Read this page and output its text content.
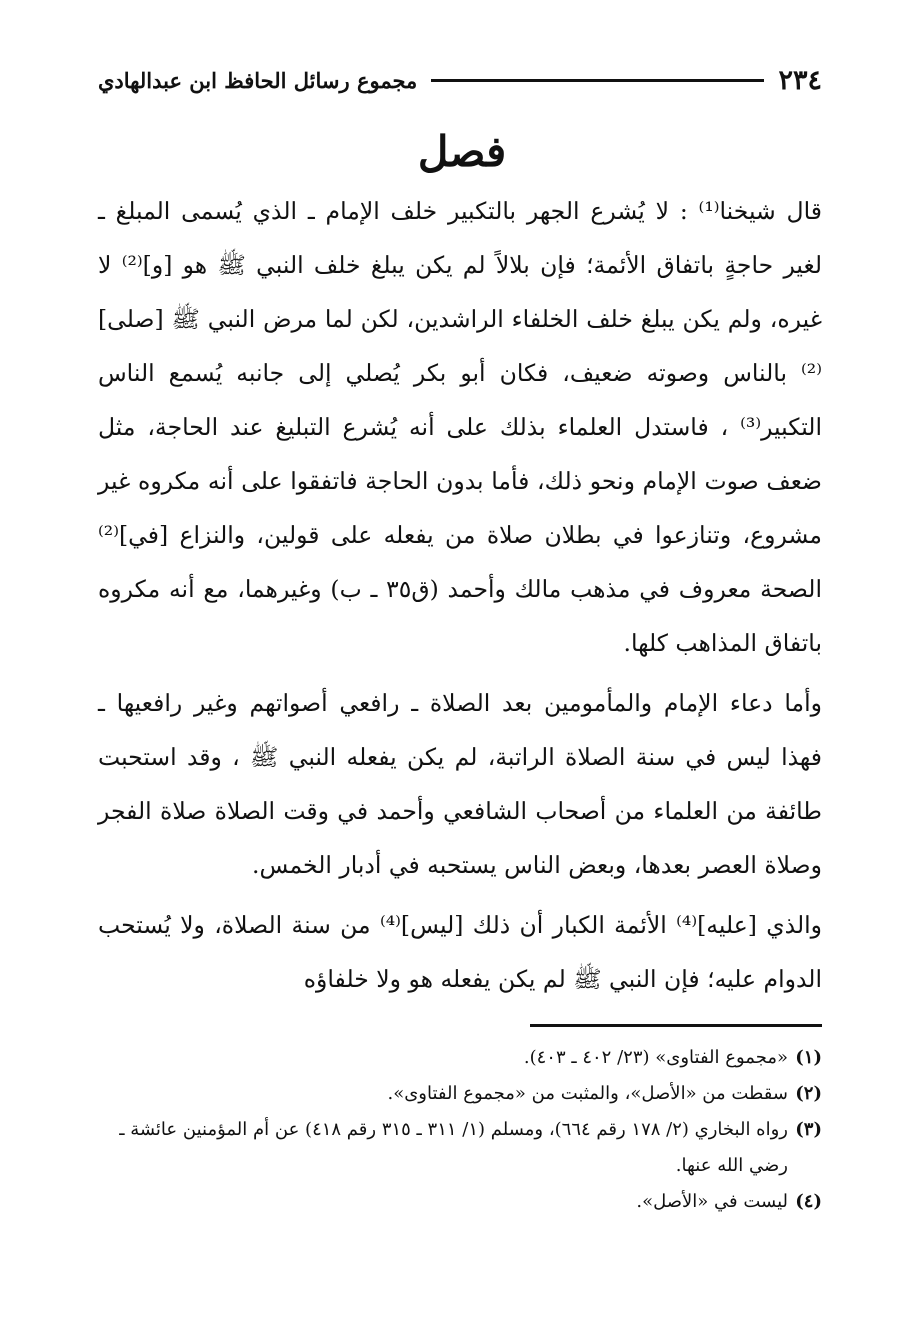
٢٣٤
مجموع رسائل الحافظ ابن عبدالهادي
فصل

قال شيخنا⁽¹⁾ : لا يُشرع الجهر بالتكبير خلف الإمام ـ الذي يُسمى المبلغ ـ لغير حاجةٍ باتفاق الأئمة؛ فإن بلالاً لم يكن يبلغ خلف النبي ﷺ هو [و]⁽²⁾ لا غيره، ولم يكن يبلغ خلف الخلفاء الراشدين، لكن لما مرض النبي ﷺ [صلى]⁽²⁾ بالناس وصوته ضعيف، فكان أبو بكر يُصلي إلى جانبه يُسمع الناس التكبير⁽³⁾ ، فاستدل العلماء بذلك على أنه يُشرع التبليغ عند الحاجة، مثل ضعف صوت الإمام ونحو ذلك، فأما بدون الحاجة فاتفقوا على أنه مكروه غير مشروع، وتنازعوا في بطلان صلاة من يفعله على قولين، والنزاع [في]⁽²⁾ الصحة معروف في مذهب مالك وأحمد (ق٣٥ ـ ب) وغيرهما، مع أنه مكروه باتفاق المذاهب كلها.

وأما دعاء الإمام والمأمومين بعد الصلاة ـ رافعي أصواتهم وغير رافعيها ـ فهذا ليس في سنة الصلاة الراتبة، لم يكن يفعله النبي ﷺ ، وقد استحبت طائفة من العلماء من أصحاب الشافعي وأحمد في وقت الصلاة صلاة الفجر وصلاة العصر بعدها، وبعض الناس يستحبه في أدبار الخمس.

والذي [عليه]⁽⁴⁾ الأئمة الكبار أن ذلك [ليس]⁽⁴⁾ من سنة الصلاة، ولا يُستحب الدوام عليه؛ فإن النبي ﷺ لم يكن يفعله هو ولا خلفاؤه

(١)
«مجموع الفتاوى» (٢٣/ ٤٠٢ ـ ٤٠٣).
(٢)
سقطت من «الأصل»، والمثبت من «مجموع الفتاوى».
(٣)
رواه البخاري (٢/ ١٧٨ رقم ٦٦٤)، ومسلم (١/ ٣١١ ـ ٣١٥ رقم ٤١٨) عن أم المؤمنين عائشة ـ رضي الله عنها.
(٤)
ليست في «الأصل».
